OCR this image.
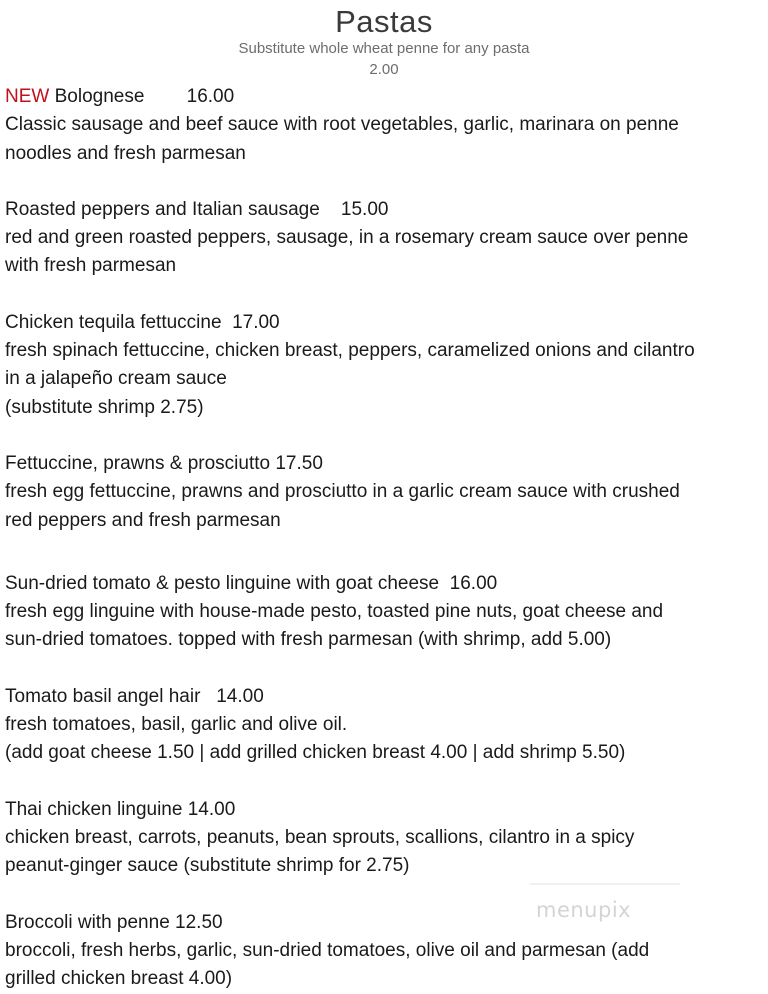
Pastas
Substitute whole wheat penne for any pasta
2.00
NEW Bolognese 16.00
Classic sausage and beef sauce with root vegetables, garlic, marinara on penne
noodles and fresh parmesan
Roasted peppers and Italian sausage 15.00
red and green roasted peppers, sausage, in a rosemary cream sauce over penne
with fresh parmesan
Chicken tequila fettuccine 17.00
fresh spinach fettuccine, chicken breast, peppers, caramelized onions and cilantro
in a jalapeño cream sauce
(substitute shrimp 2.75)
Fettuccine, prawns & prosciutto 17.50
fresh egg fettuccine, prawns and prosciutto in a garlic cream sauce with crushed
red peppers and fresh parmesan
Sun-dried tomato & pesto linguine with goat cheese 16.00
fresh egg linguine with house-made pesto, toasted pine nuts, goat cheese and
sun-dried tomatoes. topped with fresh parmesan (with shrimp, add 5.00)
Tomato basil angel hair 14.00
fresh tomatoes, basil, garlic and olive oil.
(add goat cheese 1.50 | add grilled chicken breast 4.00 | add shrimp 5.50)
Thai chicken linguine 14.00
chicken breast, carrots, peanuts, bean sprouts, scallions, cilantro in a spicy
peanut-ginger sauce (substitute shrimp for 2.75)
Broccoli with penne 12.50
broccoli, fresh herbs, garlic, sun-dried tomatoes, olive oil and parmesan (add
grilled chicken breast 4.00)
menupix
